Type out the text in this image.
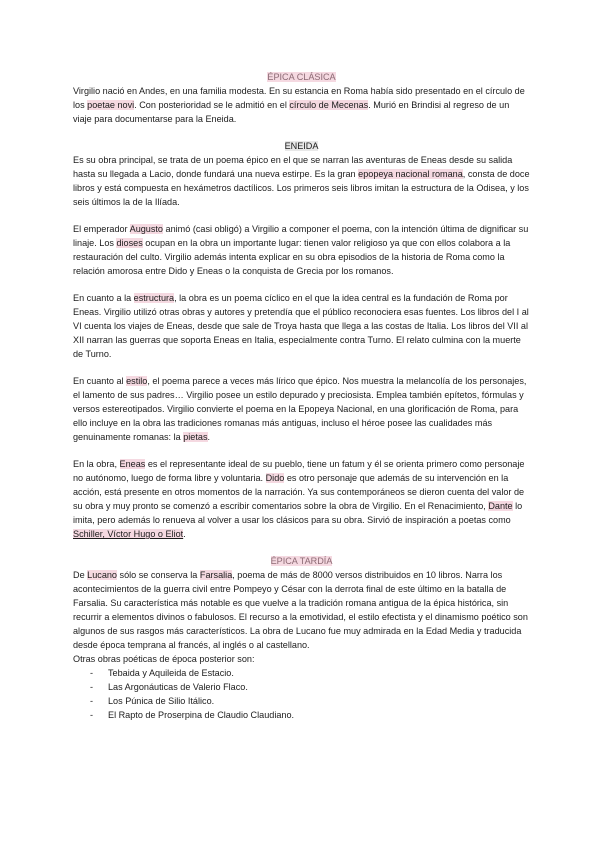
ÉPICA CLÁSICA

Virgilio nació en Andes, en una familia modesta. En su estancia en Roma había sido presentado en el círculo de los poetae novi. Con posterioridad se le admitió en el círculo de Mecenas. Murió en Brindisi al regreso de un viaje para documentarse para la Eneida.

ENEIDA

Es su obra principal, se trata de un poema épico en el que se narran las aventuras de Eneas desde su salida hasta su llegada a Lacio, donde fundará una nueva estirpe. Es la gran epopeya nacional romana, consta de doce libros y está compuesta en hexámetros dactílicos. Los primeros seis libros imitan la estructura de la Odisea, y los seis últimos la de la Ilíada.

El emperador Augusto animó (casi obligó) a Virgilio a componer el poema, con la intención última de dignificar su linaje. Los dioses ocupan en la obra un importante lugar: tienen valor religioso ya que con ellos colabora a la restauración del culto. Virgilio además intenta explicar en su obra episodios de la historia de Roma como la relación amorosa entre Dido y Eneas o la conquista de Grecia por los romanos.

En cuanto a la estructura, la obra es un poema cíclico en el que la idea central es la fundación de Roma por Eneas. Virgilio utilizó otras obras y autores y pretendía que el público reconociera esas fuentes. Los libros del I al VI cuenta los viajes de Eneas, desde que sale de Troya hasta que llega a las costas de Italia. Los libros del VII al XII narran las guerras que soporta Eneas en Italia, especialmente contra Turno. El relato culmina con la muerte de Turno.

En cuanto al estilo, el poema parece a veces más lírico que épico. Nos muestra la melancolía de los personajes, el lamento de sus padres… Virgilio posee un estilo depurado y preciosista. Emplea también epítetos, fórmulas y versos estereotipados. Virgilio convierte el poema en la Epopeya Nacional, en una glorificación de Roma, para ello incluye en la obra las tradiciones romanas más antiguas, incluso el héroe posee las cualidades más genuinamente romanas: la pietas.

En la obra, Eneas es el representante ideal de su pueblo, tiene un fatum y él se orienta primero como personaje no autónomo, luego de forma libre y voluntaria. Dido es otro personaje que además de su intervención en la acción, está presente en otros momentos de la narración. Ya sus contemporáneos se dieron cuenta del valor de su obra y muy pronto se comenzó a escribir comentarios sobre la obra de Virgilio. En el Renacimiento, Dante lo imita, pero además lo renueva al volver a usar los clásicos para su obra. Sirvió de inspiración a poetas como Schiller, Víctor Hugo o Eliot.

ÉPICA TARDÍA

De Lucano sólo se conserva la Farsalia, poema de más de 8000 versos distribuidos en 10 libros. Narra los acontecimientos de la guerra civil entre Pompeyo y César con la derrota final de este último en la batalla de Farsalia. Su característica más notable es que vuelve a la tradición romana antigua de la épica histórica, sin recurrir a elementos divinos o fabulosos. El recurso a la emotividad, el estilo efectista y el dinamismo poético son algunos de sus rasgos más característicos. La obra de Lucano fue muy admirada en la Edad Media y traducida desde época temprana al francés, al inglés o al castellano.

Otras obras poéticas de época posterior son:

- Tebaida y Aquileida de Estacio.
- Las Argonáuticas de Valerio Flaco.
- Los Púnica de Silio Itálico.
- El Rapto de Proserpina de Claudio Claudiano.
